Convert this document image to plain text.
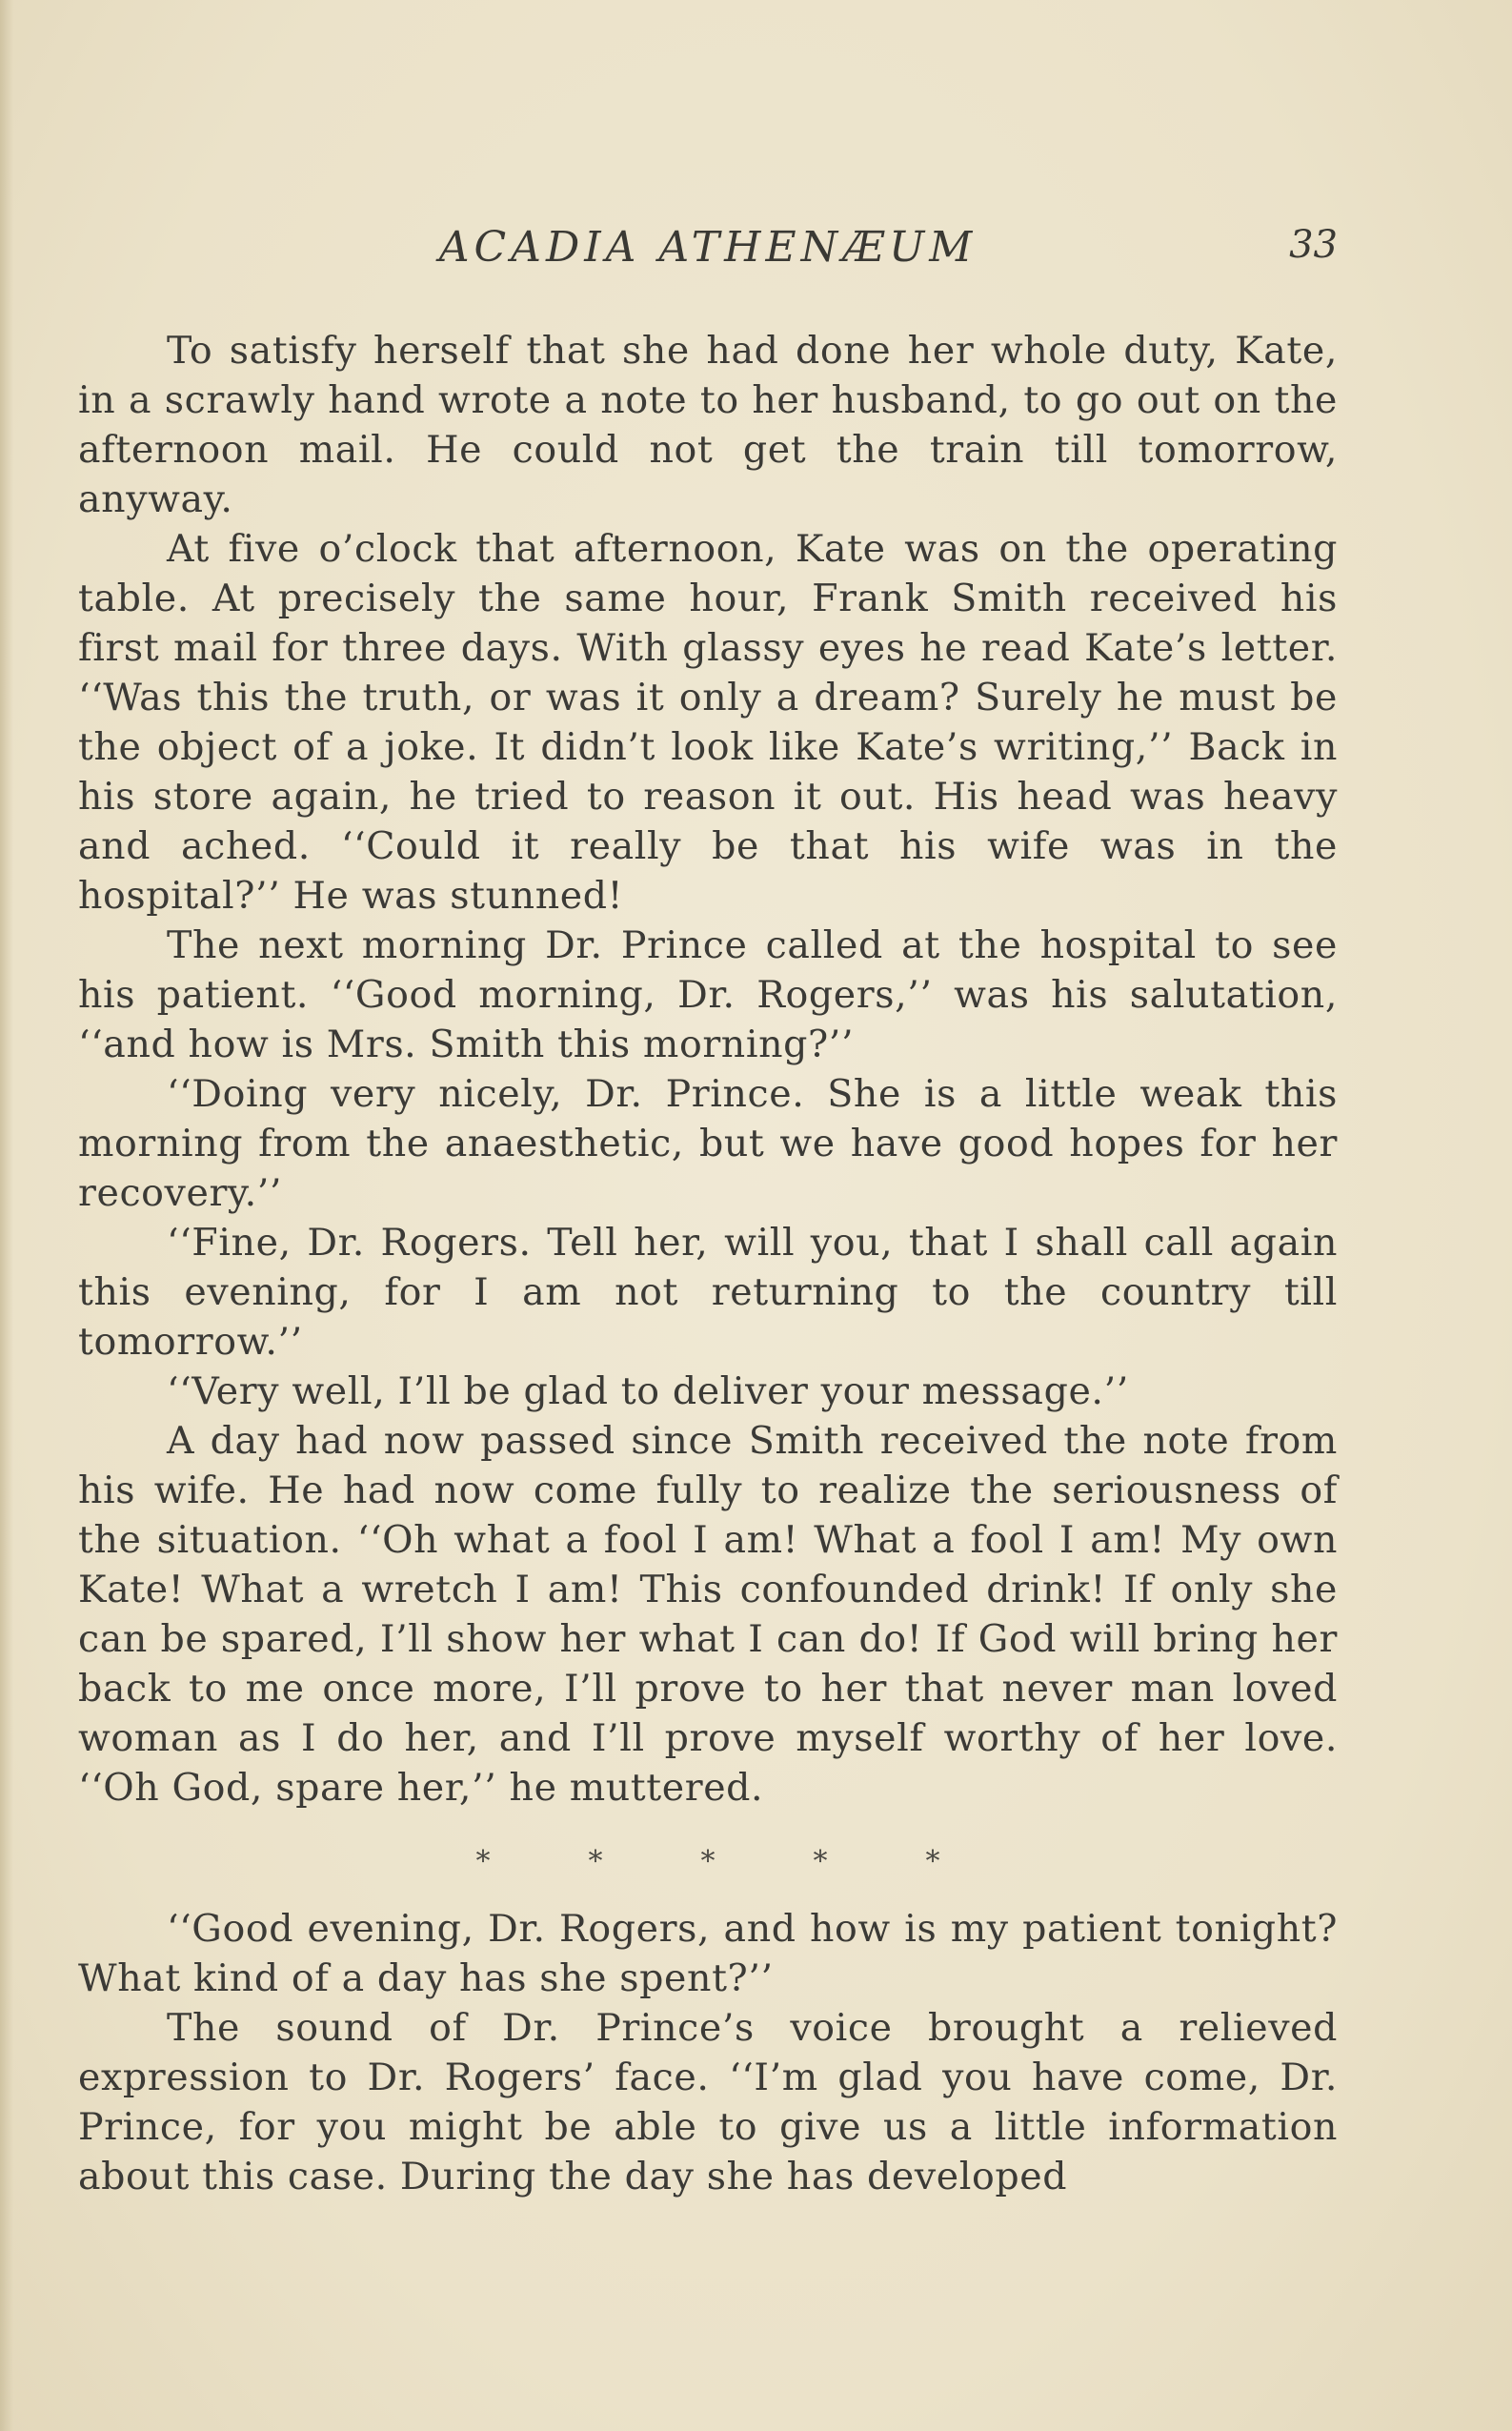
ACADIA ATHENÆUM	33

To satisfy herself that she had done her whole duty, Kate, in a scrawly hand wrote a note to her husband, to go out on the afternoon mail. He could not get the train till tomorrow, anyway.

At five o’clock that afternoon, Kate was on the operating table. At precisely the same hour, Frank Smith received his first mail for three days. With glassy eyes he read Kate’s letter. ‘‘Was this the truth, or was it only a dream? Surely he must be the object of a joke. It didn’t look like Kate’s writing,’’ Back in his store again, he tried to reason it out. His head was heavy and ached. ‘‘Could it really be that his wife was in the hospital?’’ He was stunned!

The next morning Dr. Prince called at the hospital to see his patient. ‘‘Good morning, Dr. Rogers,’’ was his salutation, ‘‘and how is Mrs. Smith this morning?’’

‘‘Doing very nicely, Dr. Prince. She is a little weak this morning from the anaesthetic, but we have good hopes for her recovery.’’

‘‘Fine, Dr. Rogers. Tell her, will you, that I shall call again this evening, for I am not returning to the country till tomorrow.’’

‘‘Very well, I’ll be glad to deliver your message.’’

A day had now passed since Smith received the note from his wife. He had now come fully to realize the seriousness of the situation. ‘‘Oh what a fool I am! What a fool I am! My own Kate! What a wretch I am! This confounded drink! If only she can be spared, I’ll show her what I can do! If God will bring her back to me once more, I’ll prove to her that never man loved woman as I do her, and I’ll prove myself worthy of her love. ‘‘Oh God, spare her,’’ he muttered.

*	*	*	*	*

‘‘Good evening, Dr. Rogers, and how is my patient tonight? What kind of a day has she spent?’’

The sound of Dr. Prince’s voice brought a relieved expression to Dr. Rogers’ face. ‘‘I’m glad you have come, Dr. Prince, for you might be able to give us a little information about this case. During the day she has developed
